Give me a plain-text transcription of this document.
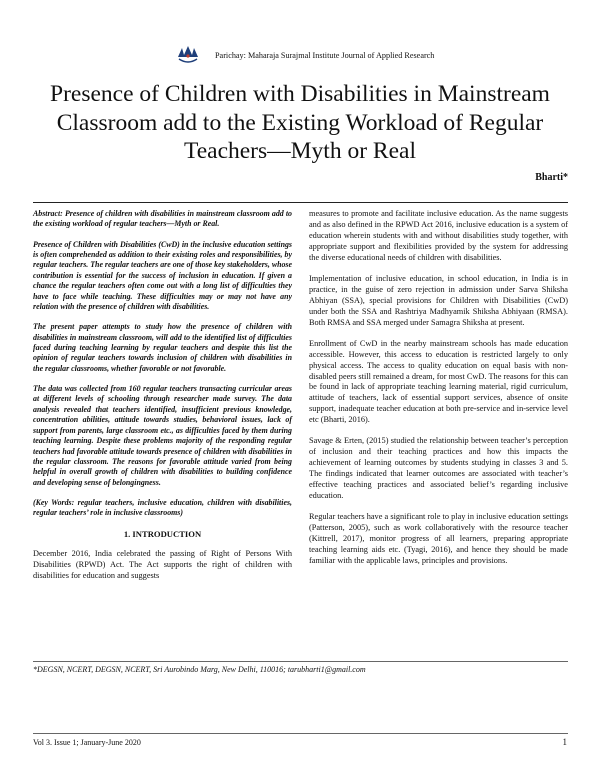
Parichay: Maharaja Surajmal Institute Journal of Applied Research
Presence of Children with Disabilities in Mainstream
Classroom add to the Existing Workload of Regular
Teachers—Myth or Real
Bharti*

Abstract: Presence of children with disabilities in mainstream classroom add to the existing workload of regular teachers—Myth or Real.

Presence of Children with Disabilities (CwD) in the inclusive education settings is often comprehended as addition to their existing roles and responsibilities, by regular teachers. The regular teachers are one of those key stakeholders, whose contribution is essential for the success of inclusion in education. If given a chance the regular teachers often come out with a long list of difficulties they have to face while teaching. These difficulties may or may not have any relation with the presence of children with disabilities.

The present paper attempts to study how the presence of children with disabilities in mainstream classroom, will add to the identified list of difficulties faced during teaching learning by regular teachers and despite this list the opinion of regular teachers towards inclusion of children with disabilities in the regular classrooms, whether favorable or not favorable.

The data was collected from 160 regular teachers transacting curricular areas at different levels of schooling through researcher made survey. The data analysis revealed that teachers identified, insufficient previous knowledge, concentration abilities, attitude towards studies, behavioral issues, lack of support from parents, large classroom etc., as difficulties faced by them during teaching learning. Despite these problems majority of the responding regular teachers had favorable attitude towards presence of children with disabilities in the regular classroom. The reasons for favorable attitude varied from being helpful in overall growth of children with disabilities to building confidence and developing sense of belongingness.

(Key Words: regular teachers, inclusive education, children with disabilities, regular teachers’ role in inclusive classrooms)

1. INTRODUCTION

December 2016, India celebrated the passing of Right of Persons With Disabilities (RPWD) Act. The Act supports the right of children with disabilities for education and suggests

measures to promote and facilitate inclusive education. As the name suggests and as also defined in the RPWD Act 2016, inclusive education is a system of education wherein students with and without disabilities study together, with appropriate support and flexibilities provided by the system for addressing the diverse educational needs of children with disabilities.

Implementation of inclusive education, in school education, in India is in practice, in the guise of zero rejection in admission under Sarva Shiksha Abhiyan (SSA), special provisions for Children with Disabilities (CwD) under both the SSA and Rashtriya Madhyamik Shiksha Abhiyaan (RMSA). Both RMSA and SSA merged under Samagra Shiksha at present.

Enrollment of CwD in the nearby mainstream schools has made education accessible. However, this access to education is restricted largely to only physical access. The access to quality education on equal basis with non-disabled peers still remained a dream, for most CwD. The reasons for this can be found in lack of appropriate teaching learning material, rigid curriculum, attitude of teachers, lack of essential support services, absence of onsite support, inadequate teacher education at both pre-service and in-service level etc (Bharti, 2016).

Savage & Erten, (2015) studied the relationship between teacher’s perception of inclusion and their teaching practices and how this impacts the achievement of learning outcomes by students studying in classes 3 and 5. The findings indicated that learner outcomes are associated with teacher’s effective teaching practices and associated belief’s regarding inclusive education.

Regular teachers have a significant role to play in inclusive education settings (Patterson, 2005), such as work collaboratively with the resource teacher (Kittrell, 2017), monitor progress of all learners, preparing appropriate teaching learning aids etc. (Tyagi, 2016), and hence they should be made familiar with the applicable laws, principles and provisions.

*DEGSN, NCERT, DEGSN, NCERT, Sri Aurobindo Marg, New Delhi, 110016; tarubharti1@gmail.com
Vol 3. Issue 1; January-June 2020	1
